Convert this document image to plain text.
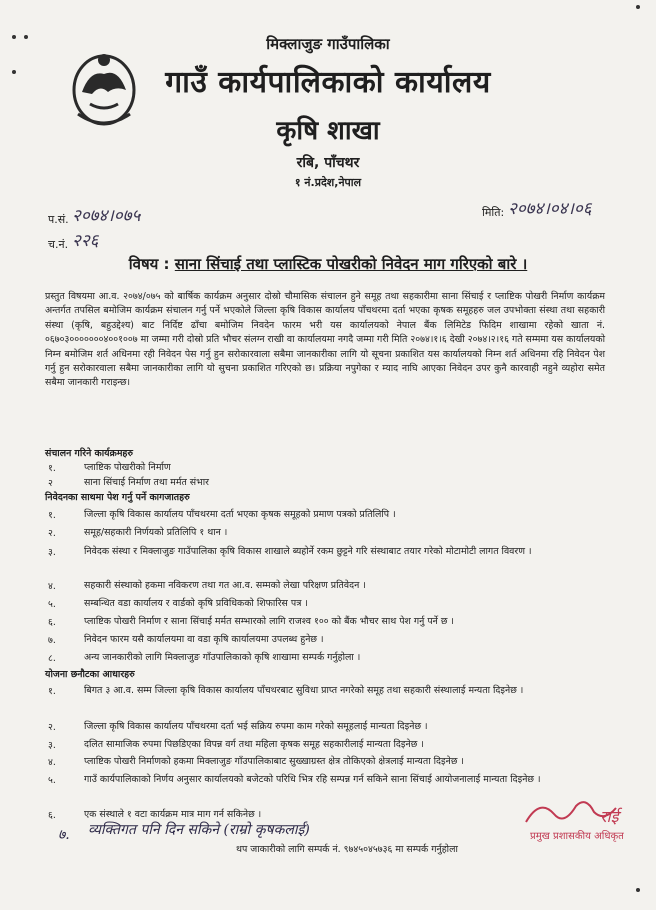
मिक्लाजुङ गाउँपालिका
गाउँ कार्यपालिकाको कार्यालय
कृषि शाखा
रबि, पाँचथर
१ नं.प्रदेश,नेपाल
प.सं. २०७४।०७५
च.नं. २२६
मिति: २०७४।०४।०६
विषय : साना सिंचाई तथा प्लास्टिक पोखरीको निवेदन माग गरिएको बारे ।
प्रस्तुत विषयमा आ.व. २०७४/०७५ को बार्षिक कार्यक्रम अनुसार दोस्रो चौमासिक संचालन हुने समूह तथा सहकारीमा साना सिंचाई र प्लाष्टिक पोखरी निर्माण कार्यक्रम अन्तर्गत तपसिल बमोजिम कार्यक्रम संचालन गर्नु पर्ने भएकोले जिल्ला कृषि विकास कार्यालय पाँचथरमा दर्ता भएका कृषक समूहहरु जल उपभोक्ता संस्था तथा सहकारी संस्था (कृषि, बहुउद्देश्य) बाट निर्दिष्ट ढाँचा बमोजिम निवदेन फारम भरी यस कार्यालयको नेपाल बैंक लिमिटेड फिदिम शाखामा रहेको खाता नं. ०६७०३०००००००४००१००७ मा जम्मा गरी दोस्रो प्रति भौचर संलग्न राखी वा कार्यालयमा नगदै जम्मा गरी मिति २०७४।१।६ देखी २०७४।२।१६ गते सम्ममा यस कार्यालयको निम्न बमोजिम शर्त अधिनमा रही निवेदन पेस गर्नु हुन सरोकारवाला सबैमा जानकारीका लागि यो सूचना प्रकाशित यस कार्यालयको निम्न शर्त अधिनमा रहि निवेदन पेश गर्नु हुन सरोकारवाला सबैमा जानकारीका लागि यो सुचना प्रकाशित गरिएको छ। प्रक्रिया नपुगेका र म्याद नाघि आएका निवेदन उपर कुनै कारवाही नहुने व्यहोरा समेत सबैमा जानकारी गराइन्छ।
संचालन गरिने कार्यक्रमहरु
१.	प्लाष्टिक पोखरीको निर्माण
२	साना सिंचाई निर्माण तथा मर्मत संभार
निवेदनका साथमा पेश गर्नु पर्ने कागजातहरु
१.	जिल्ला कृषि विकास कार्यालय पाँचथरमा दर्ता भएका कृषक समूहको प्रमाण पत्रको प्रतिलिपि ।
२.	समूह/सहकारी निर्णयको प्रतिलिपि १ थान ।
३.	निवेदक संस्था र मिक्लाजुङ गाउँपालिका कृषि विकास शाखाले ब्यहोर्ने रकम छुट्टने गरि संस्थाबाट तयार गरेको मोटामोटी लागत विवरण ।
४.	सहकारी संस्थाको हकमा नविकरण तथा गत आ.व. सम्मको लेखा परिक्षण प्रतिवेदन ।
५.	सम्बन्धित वडा कार्यालय र वार्डको कृषि प्रविधिकको शिफारिस पत्र ।
६.	प्लाष्टिक पोखरी निर्माण र साना सिंचाई मर्मत सम्भारको लागि राजश्व १०० को बैंक भौचर साथ पेश गर्नु पर्ने छ ।
७.	निवेदन फारम यसै कार्यालयमा वा वडा कृषि कार्यालयमा उपलब्ध हुनेछ ।
८.	अन्य जानकारीको लागि मिक्लाजुङ गाँउपालिकाको कृषि शाखामा सम्पर्क गर्नुहोला ।
योजना छनौटका आधारहरु
१.	बिगत ३ आ.व. सम्म जिल्ला कृषि विकास कार्यालय पाँचथरबाट सुविधा प्राप्त नगरेको समूह तथा सहकारी संस्थालाई मन्यता दिइनेछ ।
२.	जिल्ला कृषि विकास कार्यालय पाँचथरमा दर्ता भई सक्रिय रुपमा काम गरेको समूहलाई मान्यता दिइनेछ ।
३.	दलित सामाजिक रुपमा पिछडिएका विपन्न वर्ग तथा महिला कृषक समूह सहकारीलाई मान्यता दिइनेछ ।
४.	प्लाष्टिक पोखरी निर्माणको हकमा मिक्लाजुङ गाँउपालिकाबाट सुख्खाग्रस्त क्षेत्र तोकिएको क्षेत्रलाई मान्यता दिइनेछ ।
५.	गाउँ कार्यपालिकाको निर्णय अनुसार कार्यालयको बजेटको परिधि भित्र रहि सम्पन्न गर्न सकिने साना सिंचाई आयोजनालाई मान्यता दिइनेछ ।
६.	एक संस्थाले १ वटा कार्यक्रम मात्र माग गर्न सकिनेछ ।
७. व्यक्तिगत पनि दिन सकिने (राम्रो कृषकलाई)
थप जाकारीको लागि सम्पर्क नं. ९७४५०४५७३६ मा सम्पर्क गर्नुहोला
राई
प्रमुख प्रशासकीय अधिकृत
